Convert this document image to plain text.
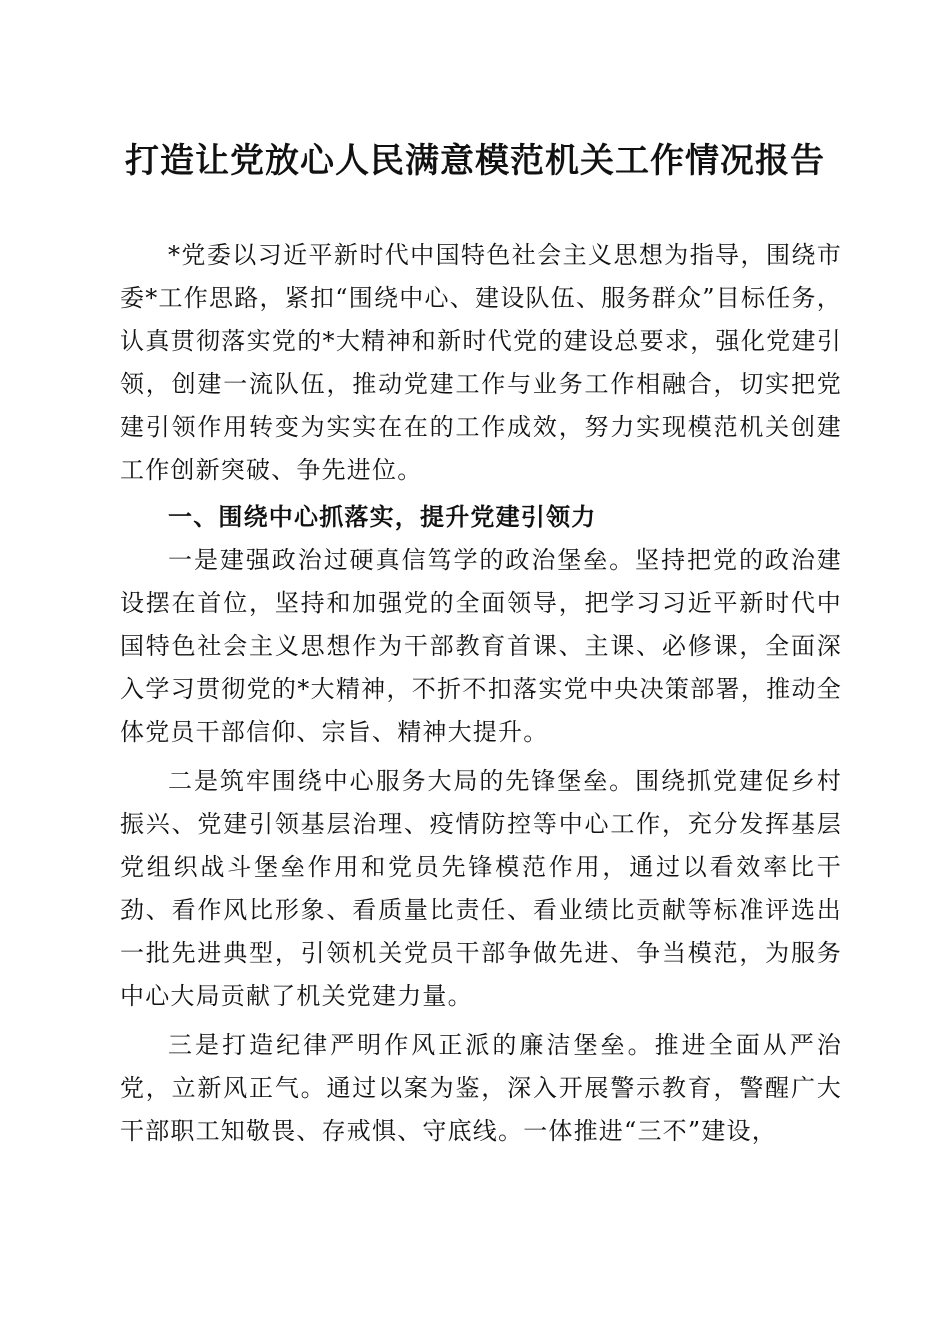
打造让党放心人民满意模范机关工作情况报告

*党委以习近平新时代中国特色社会主义思想为指导，围绕市委*工作思路，紧扣“围绕中心、建设队伍、服务群众”目标任务，认真贯彻落实党的*大精神和新时代党的建设总要求，强化党建引领，创建一流队伍，推动党建工作与业务工作相融合，切实把党建引领作用转变为实实在在的工作成效，努力实现模范机关创建工作创新突破、争先进位。

一、围绕中心抓落实，提升党建引领力

一是建强政治过硬真信笃学的政治堡垒。坚持把党的政治建设摆在首位，坚持和加强党的全面领导，把学习习近平新时代中国特色社会主义思想作为干部教育首课、主课、必修课，全面深入学习贯彻党的*大精神，不折不扣落实党中央决策部署，推动全体党员干部信仰、宗旨、精神大提升。

二是筑牢围绕中心服务大局的先锋堡垒。围绕抓党建促乡村振兴、党建引领基层治理、疫情防控等中心工作，充分发挥基层党组织战斗堡垒作用和党员先锋模范作用，通过以看效率比干劲、看作风比形象、看质量比责任、看业绩比贡献等标准评选出一批先进典型，引领机关党员干部争做先进、争当模范，为服务中心大局贡献了机关党建力量。

三是打造纪律严明作风正派的廉洁堡垒。推进全面从严治党，立新风正气。通过以案为鉴，深入开展警示教育，警醒广大干部职工知敬畏、存戒惧、守底线。一体推进“三不”建设，
